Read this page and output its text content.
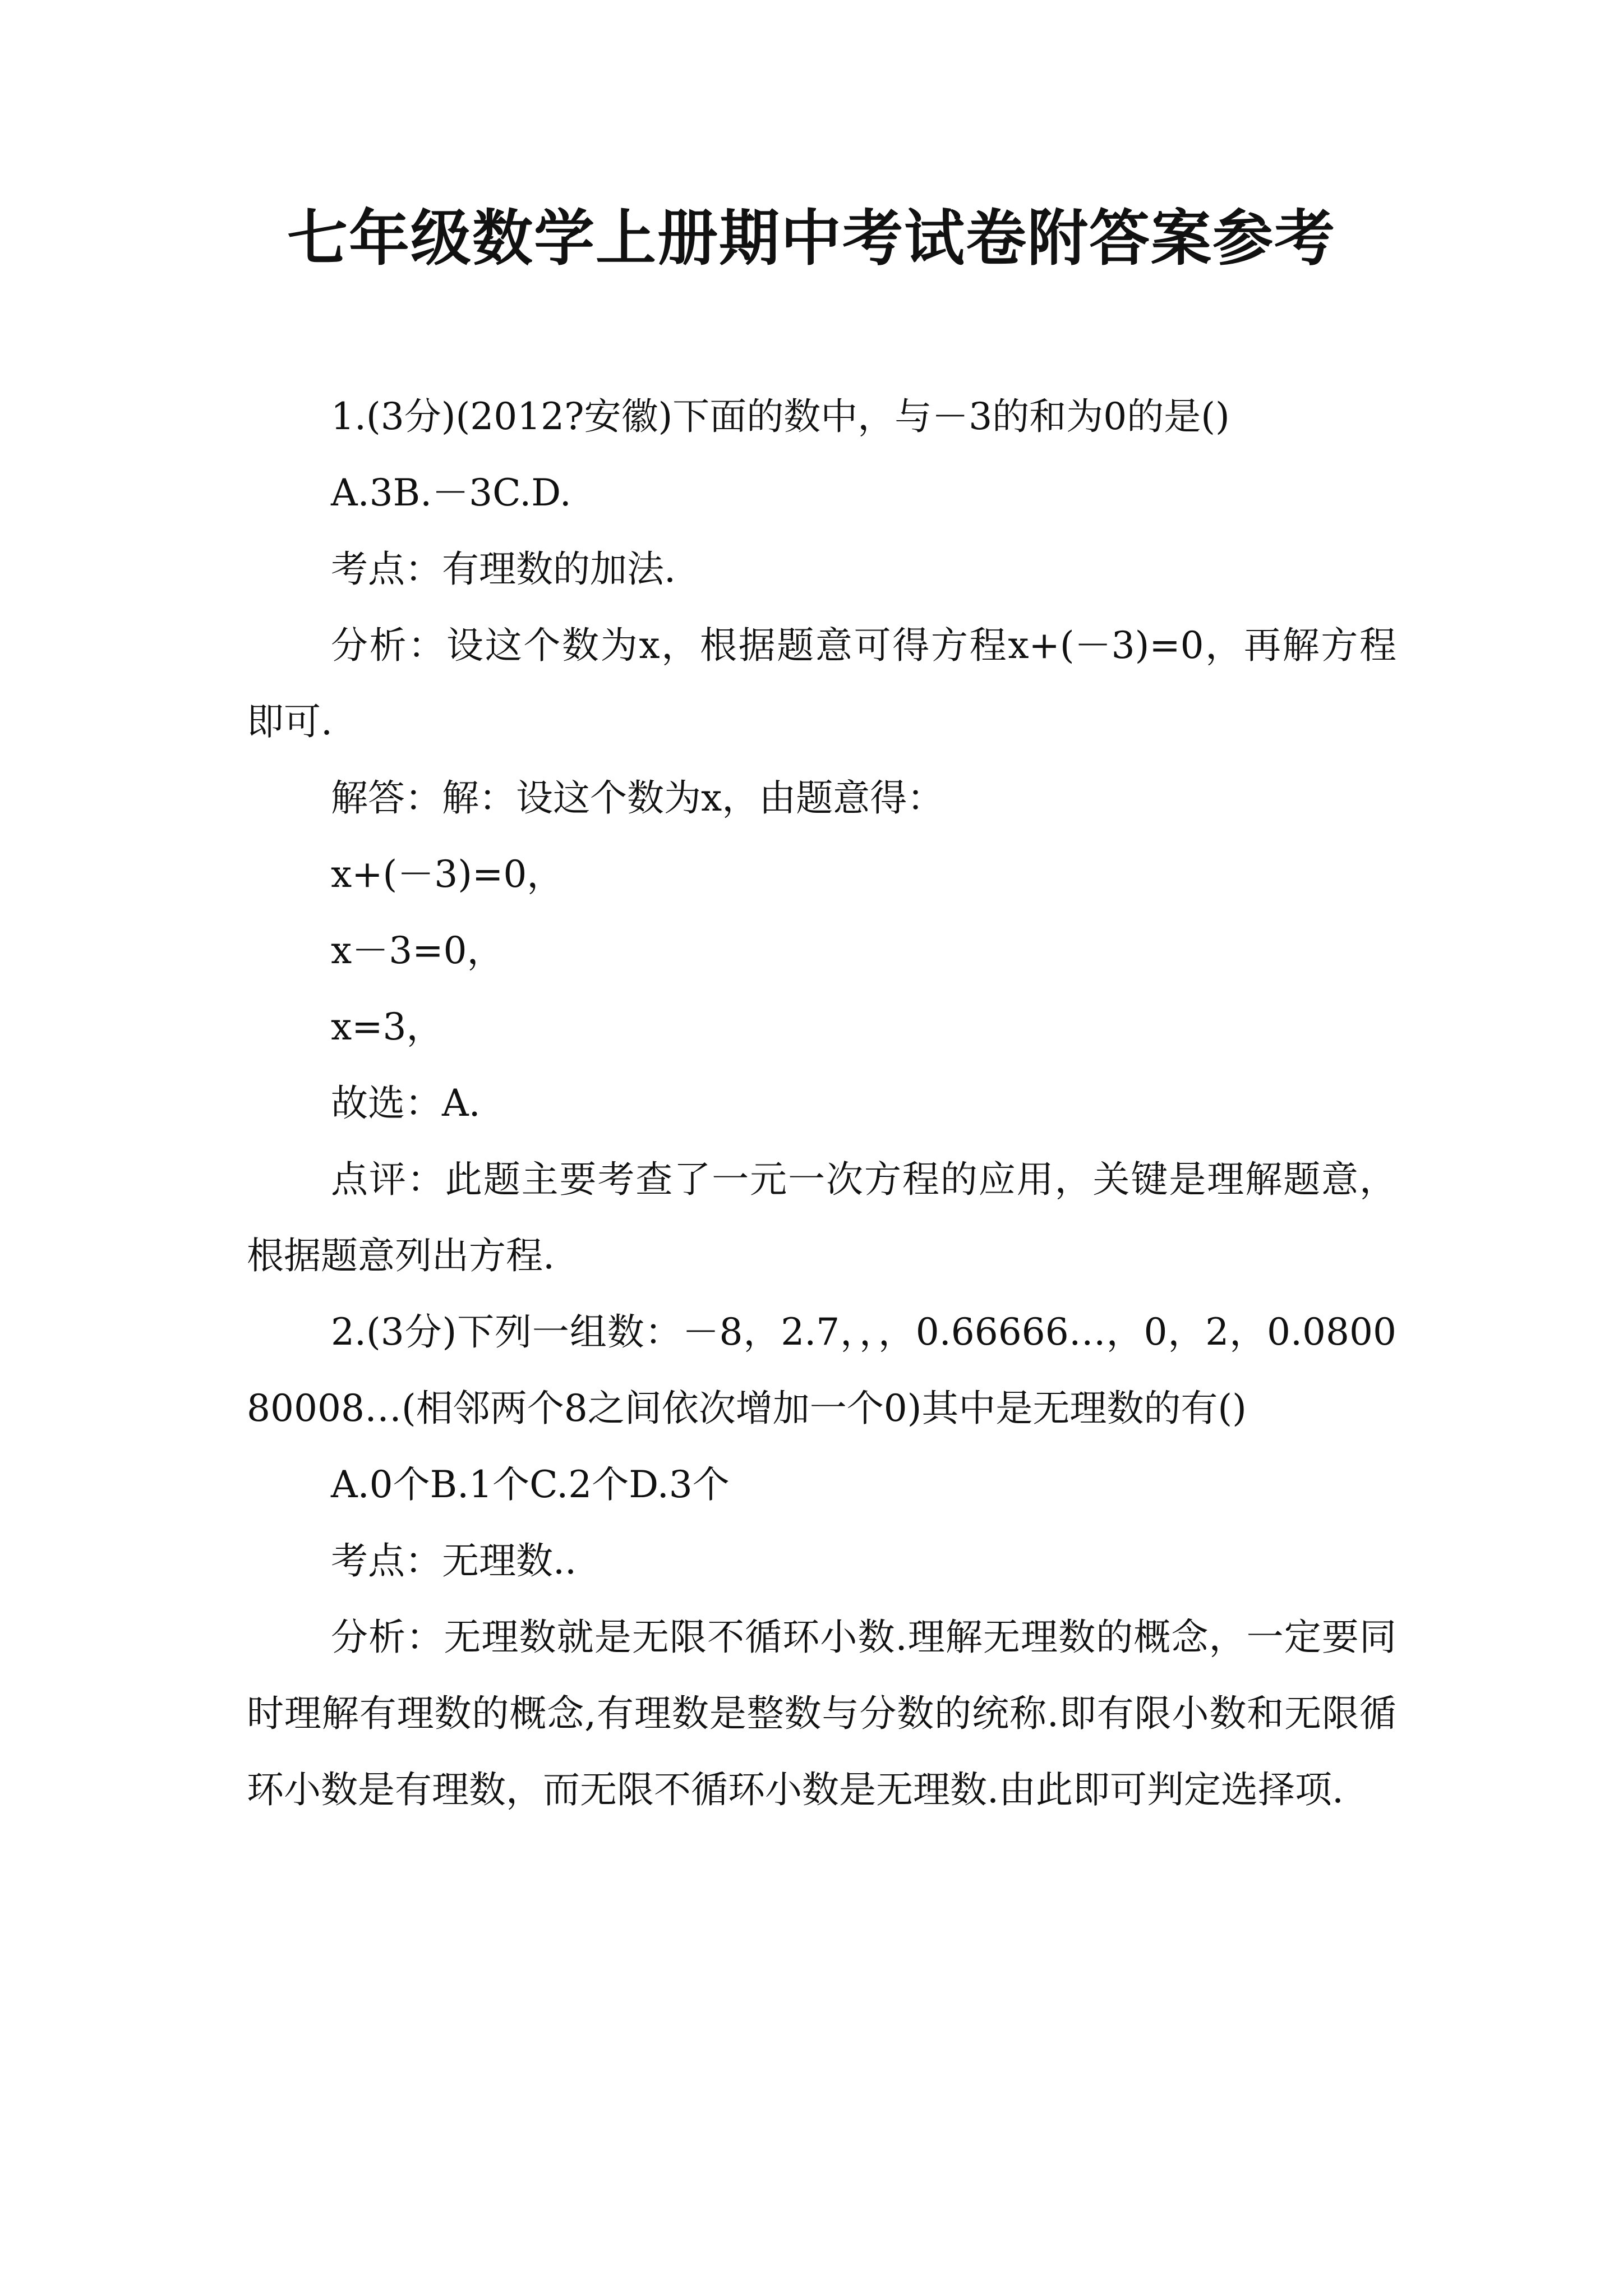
七年级数学上册期中考试卷附答案参考

1.(3分)(2012?安徽)下面的数中，与－3的和为0的是()

A.3B.－3C.D.

考点：有理数的加法.

分析：设这个数为x，根据题意可得方程x+(－3)=0，再解方程即可.

解答：解：设这个数为x，由题意得：

x+(－3)=0，

x－3=0，

x=3，

故选：A.

点评：此题主要考查了一元一次方程的应用，关键是理解题意，根据题意列出方程.

2.(3分)下列一组数：－8，2.7，，，0.66666…，0，2，0.080080008…(相邻两个8之间依次增加一个0)其中是无理数的有()

A.0个B.1个C.2个D.3个

考点：无理数..

分析：无理数就是无限不循环小数.理解无理数的概念，一定要同时理解有理数的概念,有理数是整数与分数的统称.即有限小数和无限循环小数是有理数，而无限不循环小数是无理数.由此即可判定选择项.
